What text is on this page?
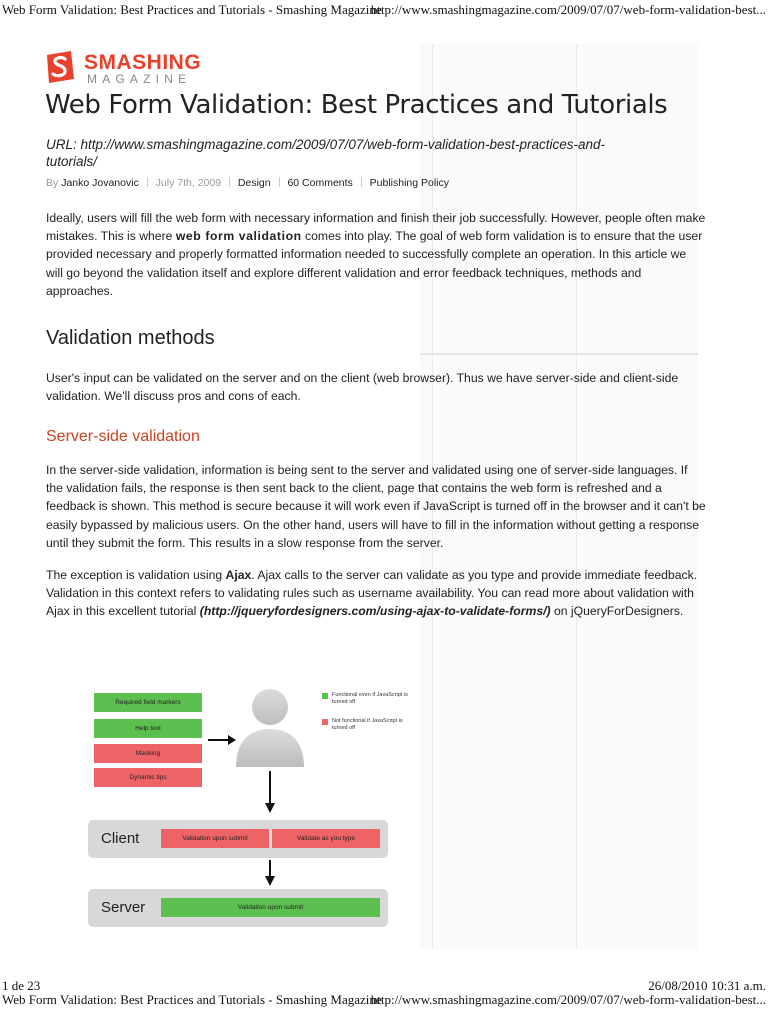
Web Form Validation: Best Practices and Tutorials - Smashing Magazine
http://www.smashingmagazine.com/2009/07/07/web-form-validation-best...
SMASHING
MAGAZINE
Web Form Validation: Best Practices and Tutorials
URL: http://www.smashingmagazine.com/2009/07/07/web-form-validation-best-practices-and-tutorials/
By Janko Jovanovic July 7th, 2009 Design 60 Comments Publishing Policy

Ideally, users will fill the web form with necessary information and finish their job successfully. However, people often make mistakes. This is where web form validation comes into play. The goal of web form validation is to ensure that the user provided necessary and properly formatted information needed to successfully complete an operation. In this article we will go beyond the validation itself and explore different validation and error feedback techniques, methods and approaches.

Validation methods

User's input can be validated on the server and on the client (web browser). Thus we have server-side and client-side validation. We'll discuss pros and cons of each.

Server-side validation

In the server-side validation, information is being sent to the server and validated using one of server-side languages. If the validation fails, the response is then sent back to the client, page that contains the web form is refreshed and a feedback is shown. This method is secure because it will work even if JavaScript is turned off in the browser and it can't be easily bypassed by malicious users. On the other hand, users will have to fill in the information without getting a response until they submit the form. This results in a slow response from the server.

The exception is validation using Ajax. Ajax calls to the server can validate as you type and provide immediate feedback. Validation in this context refers to validating rules such as username availability. You can read more about validation with Ajax in this excellent tutorial (http://jqueryfordesigners.com/using-ajax-to-validate-forms/) on jQueryForDesigners.

Required field markers
Help text
Masking
Dynamic tips
Functional even if JavaScript is turned off
Not functional if JavaScript is turned off
Client	Validation upon submit	Validate as you type
Server	Validation upon submit
1 de 23	26/08/2010 10:31 a.m.
Web Form Validation: Best Practices and Tutorials - Smashing Magazine
http://www.smashingmagazine.com/2009/07/07/web-form-validation-best...
